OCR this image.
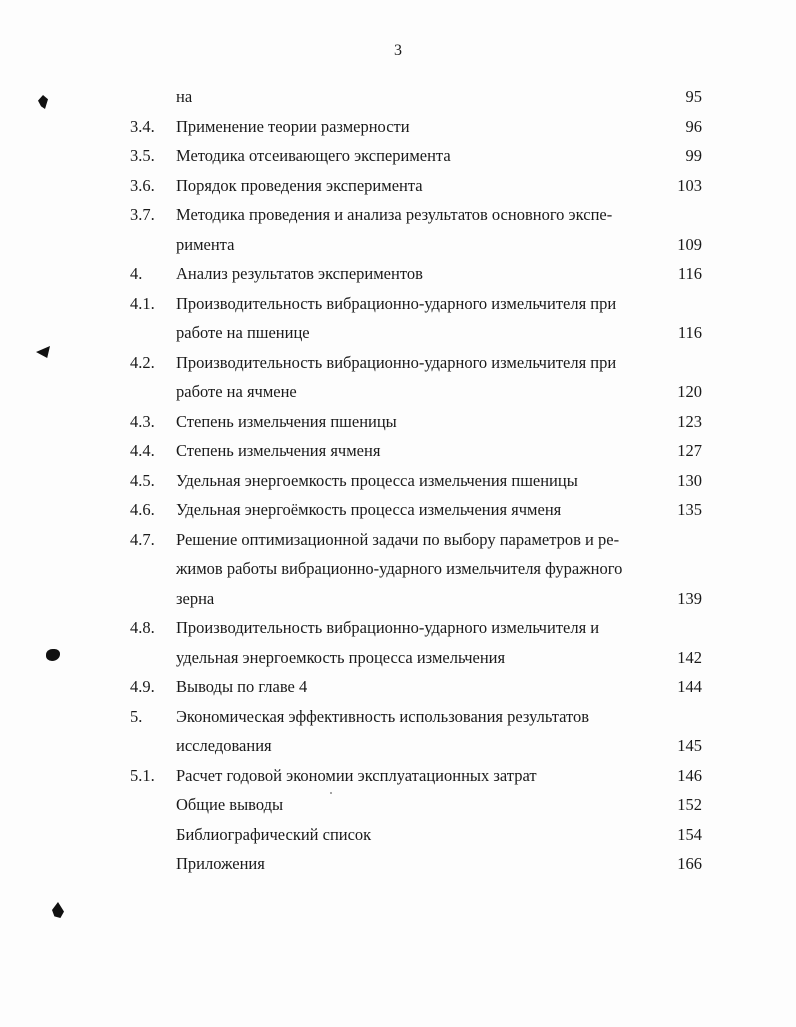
3
на	95
3.4. Применение теории размерности	96
3.5. Методика отсеивающего эксперимента	99
3.6. Порядок проведения эксперимента	103
3.7. Методика проведения и анализа результатов основного экспе-
римента	109
4. Анализ результатов экспериментов	116
4.1. Производительность вибрационно-ударного измельчителя при
работе на пшенице	116
4.2. Производительность вибрационно-ударного измельчителя при
работе на ячмене	120
4.3. Степень измельчения пшеницы	123
4.4. Степень измельчения ячменя	127
4.5. Удельная энергоемкость процесса измельчения пшеницы	130
4.6. Удельная энергоёмкость процесса измельчения ячменя	135
4.7. Решение оптимизационной задачи по выбору параметров и ре-
жимов работы вибрационно-ударного измельчителя фуражного
зерна	139
4.8. Производительность вибрационно-ударного измельчителя и
удельная энергоемкость процесса измельчения	142
4.9. Выводы по главе 4	144
5. Экономическая эффективность использования результатов
исследования	145
5.1. Расчет годовой экономии эксплуатационных затрат	146
Общие выводы	152
Библиографический список	154
Приложения	166
